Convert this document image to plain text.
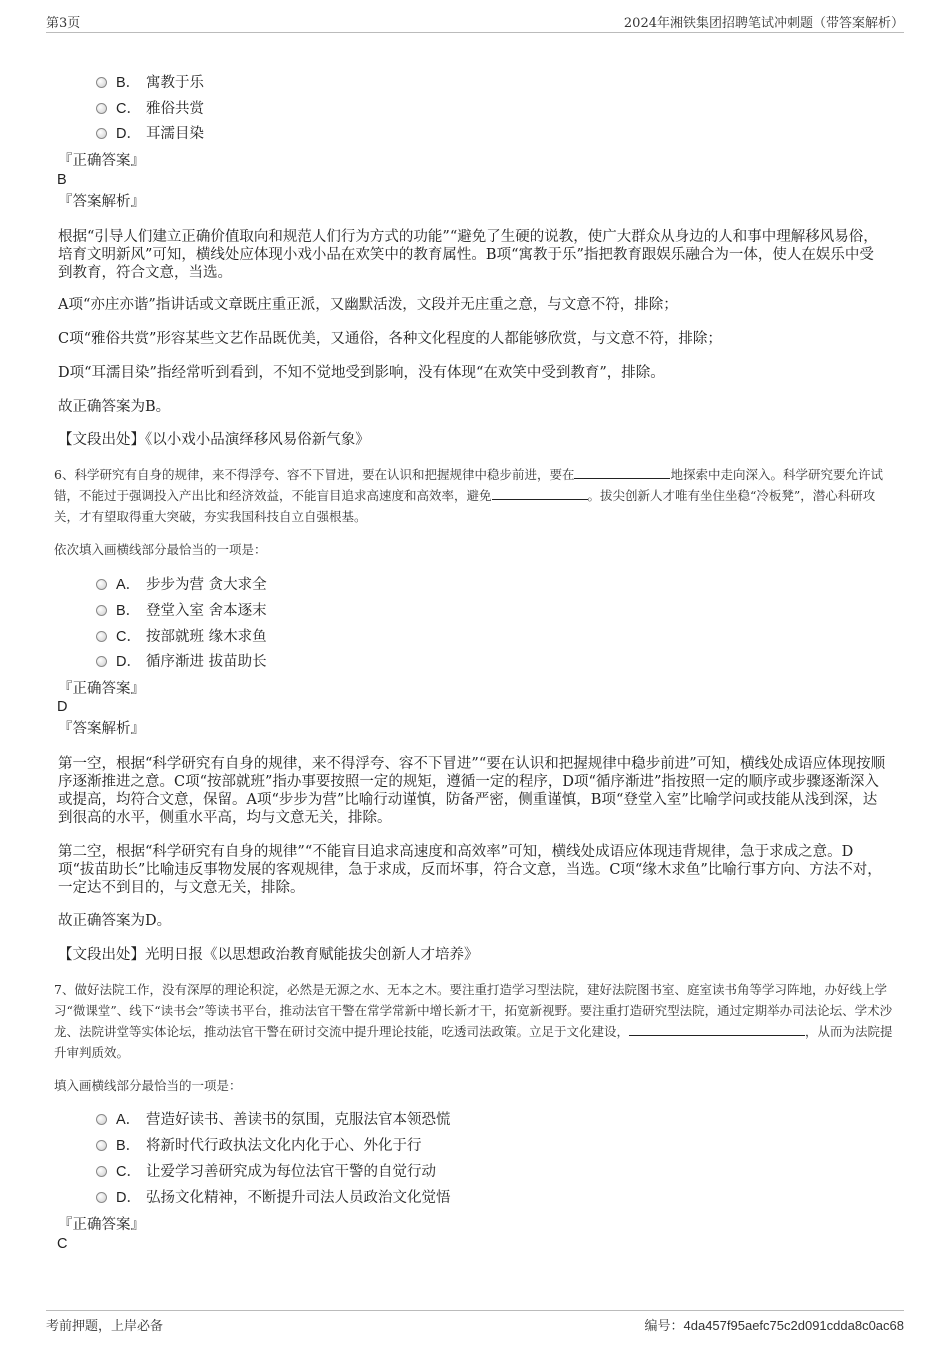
第3页	2024年湘铁集团招聘笔试冲刺题（带答案解析）
B． 寓教于乐
C． 雅俗共赏
D． 耳濡目染
『正确答案』
B
『答案解析』
根据“引导人们建立正确价值取向和规范人们行为方式的功能”“避免了生硬的说教，使广大群众从身边的人和事中理解移风易俗，培育文明新风”可知，横线处应体现小戏小品在欢笑中的教育属性。B项“寓教于乐”指把教育跟娱乐融合为一体，使人在娱乐中受到教育，符合文意，当选。
A项“亦庄亦谐”指讲话或文章既庄重正派，又幽默活泼，文段并无庄重之意，与文意不符，排除；
C项“雅俗共赏”形容某些文艺作品既优美，又通俗，各种文化程度的人都能够欣赏，与文意不符，排除；
D项“耳濡目染”指经常听到看到，不知不觉地受到影响，没有体现“在欢笑中受到教育”，排除。
故正确答案为B。
【文段出处】《以小戏小品演绎移风易俗新气象》
6、科学研究有自身的规律，来不得浮夸、容不下冒进，要在认识和把握规律中稳步前进，要在	地探索中走向深入。科学研究要允许试错，不能过于强调投入产出比和经济效益，不能盲目追求高速度和高效率，避免	。拔尖创新人才唯有坐住坐稳“冷板凳”，潜心科研攻关，才有望取得重大突破，夯实我国科技自立自强根基。
依次填入画横线部分最恰当的一项是：
A． 步步为营 贪大求全
B． 登堂入室 舍本逐末
C． 按部就班 缘木求鱼
D． 循序渐进 拔苗助长
『正确答案』
D
『答案解析』
第一空，根据“科学研究有自身的规律，来不得浮夸、容不下冒进”“要在认识和把握规律中稳步前进”可知，横线处成语应体现按顺序逐渐推进之意。C项“按部就班”指办事要按照一定的规矩，遵循一定的程序，D项“循序渐进”指按照一定的顺序或步骤逐渐深入或提高，均符合文意，保留。A项“步步为营”比喻行动谨慎，防备严密，侧重谨慎，B项“登堂入室”比喻学问或技能从浅到深，达到很高的水平，侧重水平高，均与文意无关，排除。
第二空，根据“科学研究有自身的规律”“不能盲目追求高速度和高效率”可知，横线处成语应体现违背规律，急于求成之意。D项“拔苗助长”比喻违反事物发展的客观规律，急于求成，反而坏事，符合文意，当选。C项“缘木求鱼”比喻行事方向、方法不对，一定达不到目的，与文意无关，排除。
故正确答案为D。
【文段出处】光明日报《以思想政治教育赋能拔尖创新人才培养》
7、做好法院工作，没有深厚的理论积淀，必然是无源之水、无本之木。要注重打造学习型法院，建好法院图书室、庭室读书角等学习阵地，办好线上学习“微课堂”、线下“读书会”等读书平台，推动法官干警在常学常新中增长新才干，拓宽新视野。要注重打造研究型法院，通过定期举办司法论坛、学术沙龙、法院讲堂等实体论坛，推动法官干警在研讨交流中提升理论技能，吃透司法政策。立足于文化建设，	，从而为法院提升审判质效。
填入画横线部分最恰当的一项是：
A． 营造好读书、善读书的氛围，克服法官本领恐慌
B． 将新时代行政执法文化内化于心、外化于行
C． 让爱学习善研究成为每位法官干警的自觉行动
D． 弘扬文化精神，不断提升司法人员政治文化觉悟
『正确答案』
C
考前押题，上岸必备	编号：4da457f95aefc75c2d091cdda8c0ac68
